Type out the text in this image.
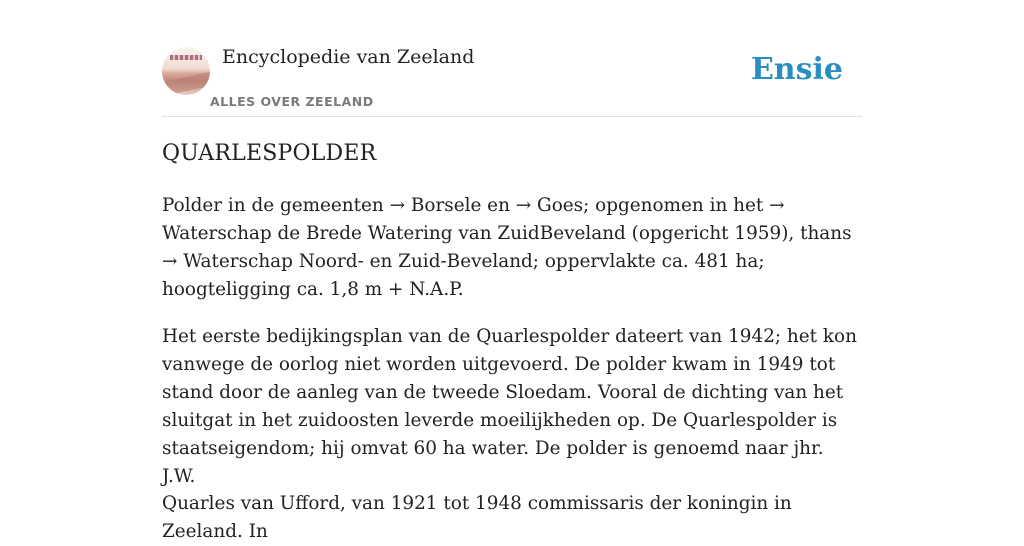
Encyclopedie van Zeeland
ALLES OVER ZEELAND
Ensie
QUARLESPOLDER

Polder in de gemeenten → Borsele en → Goes; opgenomen in het → Waterschap de Brede Watering van ZuidBeveland (opgericht 1959), thans → Waterschap Noord- en Zuid-Beveland; oppervlakte ca. 481 ha; hoogteligging ca. 1,8 m + N.A.P.

Het eerste bedijkingsplan van de Quarlespolder dateert van 1942; het kon vanwege de oorlog niet worden uitgevoerd. De polder kwam in 1949 tot stand door de aanleg van de tweede Sloedam. Vooral de dichting van het sluitgat in het zuidoosten leverde moeilijkheden op. De Quarlespolder is staatseigendom; hij omvat 60 ha water. De polder is genoemd naar jhr. J.W.

Quarles van Ufford, van 1921 tot 1948 commissaris der koningin in Zeeland. In
